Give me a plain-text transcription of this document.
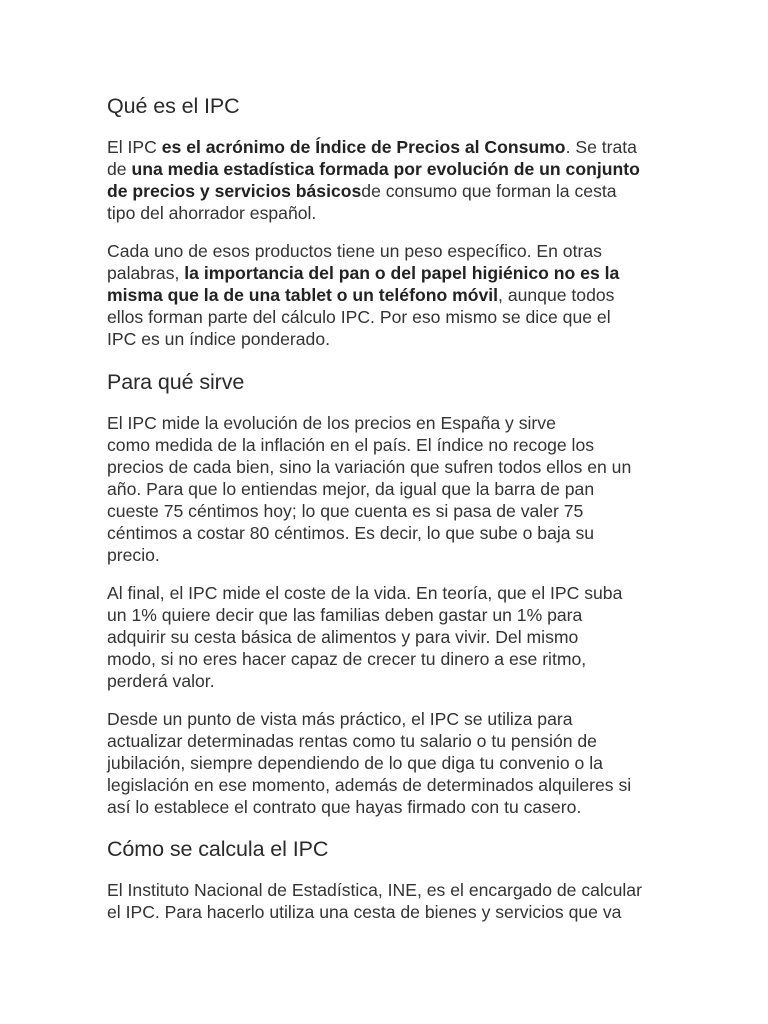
Qué es el IPC

El IPC es el acrónimo de Índice de Precios al Consumo. Se trata
de una media estadística formada por evolución de un conjunto
de precios y servicios básicosde consumo que forman la cesta
tipo del ahorrador español.

Cada uno de esos productos tiene un peso específico. En otras
palabras, la importancia del pan o del papel higiénico no es la
misma que la de una tablet o un teléfono móvil, aunque todos
ellos forman parte del cálculo IPC. Por eso mismo se dice que el
IPC es un índice ponderado.

Para qué sirve

El IPC mide la evolución de los precios en España y sirve
como medida de la inflación en el país. El índice no recoge los
precios de cada bien, sino la variación que sufren todos ellos en un
año. Para que lo entiendas mejor, da igual que la barra de pan
cueste 75 céntimos hoy; lo que cuenta es si pasa de valer 75
céntimos a costar 80 céntimos. Es decir, lo que sube o baja su
precio.

Al final, el IPC mide el coste de la vida. En teoría, que el IPC suba
un 1% quiere decir que las familias deben gastar un 1% para
adquirir su cesta básica de alimentos y para vivir. Del mismo
modo, si no eres hacer capaz de crecer tu dinero a ese ritmo,
perderá valor.

Desde un punto de vista más práctico, el IPC se utiliza para
actualizar determinadas rentas como tu salario o tu pensión de
jubilación, siempre dependiendo de lo que diga tu convenio o la
legislación en ese momento, además de determinados alquileres si
así lo establece el contrato que hayas firmado con tu casero.

Cómo se calcula el IPC

El Instituto Nacional de Estadística, INE, es el encargado de calcular
el IPC. Para hacerlo utiliza una cesta de bienes y servicios que va
